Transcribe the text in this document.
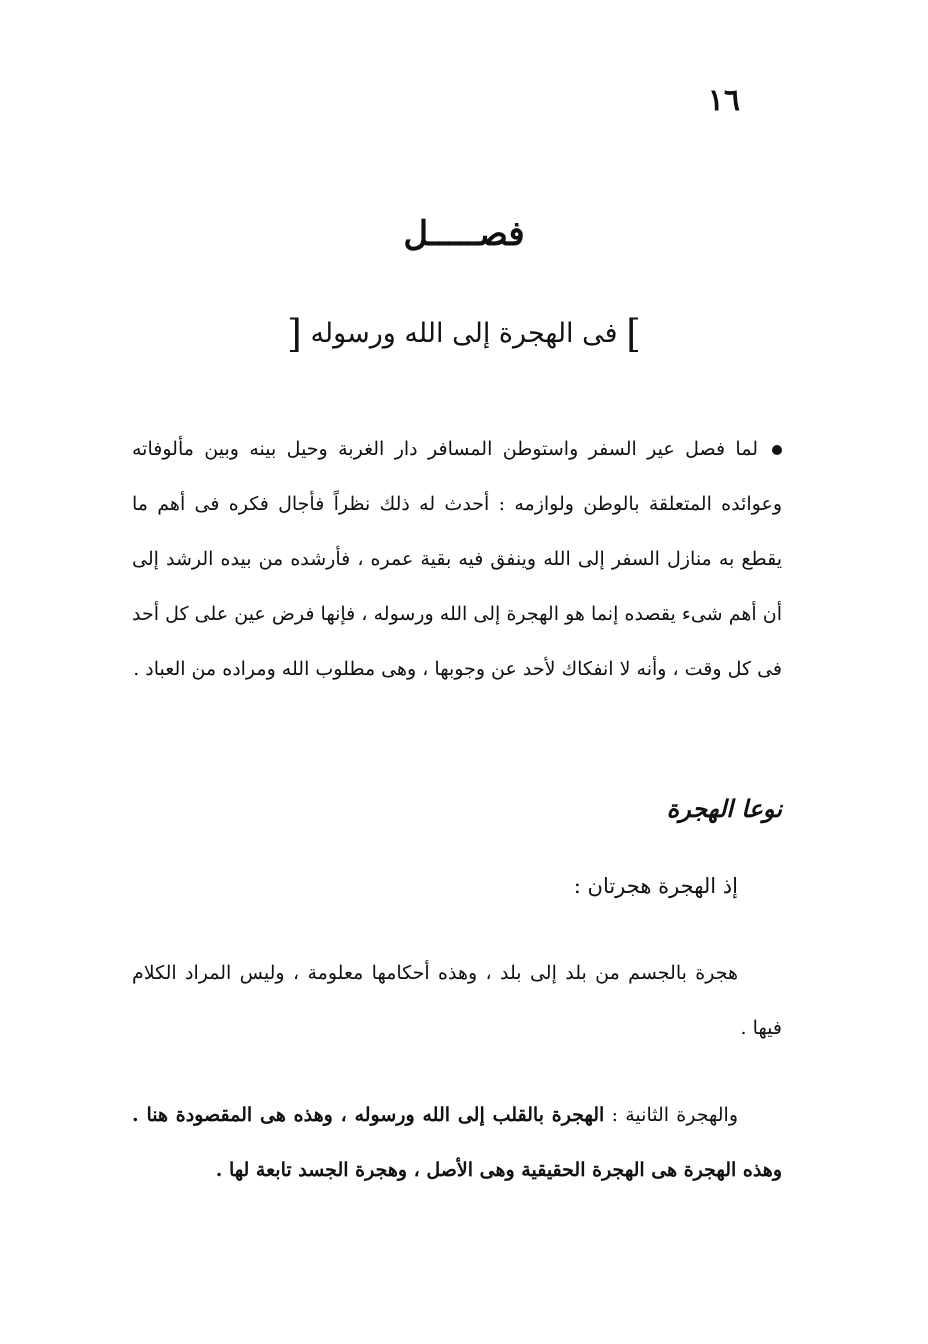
١٦
فصـــــل
] فى الهجرة إلى الله ورسوله [

لما فصل عير السفر واستوطن المسافر دار الغربة وحيل بينه وبين مألوفاته وعوائده المتعلقة بالوطن ولوازمه : أحدث له ذلك نظراً فأجال فكره فى أهم ما يقطع به منازل السفر إلى الله وينفق فيه بقية عمره ، فأرشده من بيده الرشد إلى أن أهم شىء يقصده إنما هو الهجرة إلى الله ورسوله ، فإنها فرض عين على كل أحد فى كل وقت ، وأنه لا انفكاك لأحد عن وجوبها ، وهى مطلوب الله ومراده من العباد .

نوعا الهجرة
إذ الهجرة هجرتان :

هجرة بالجسم من بلد إلى بلد ، وهذه أحكامها معلومة ، وليس المراد الكلام فيها .

والهجرة الثانية : الهجرة بالقلب إلى الله ورسوله ، وهذه هى المقصودة هنا . وهذه الهجرة هى الهجرة الحقيقية وهى الأصل ، وهجرة الجسد تابعة لها .
